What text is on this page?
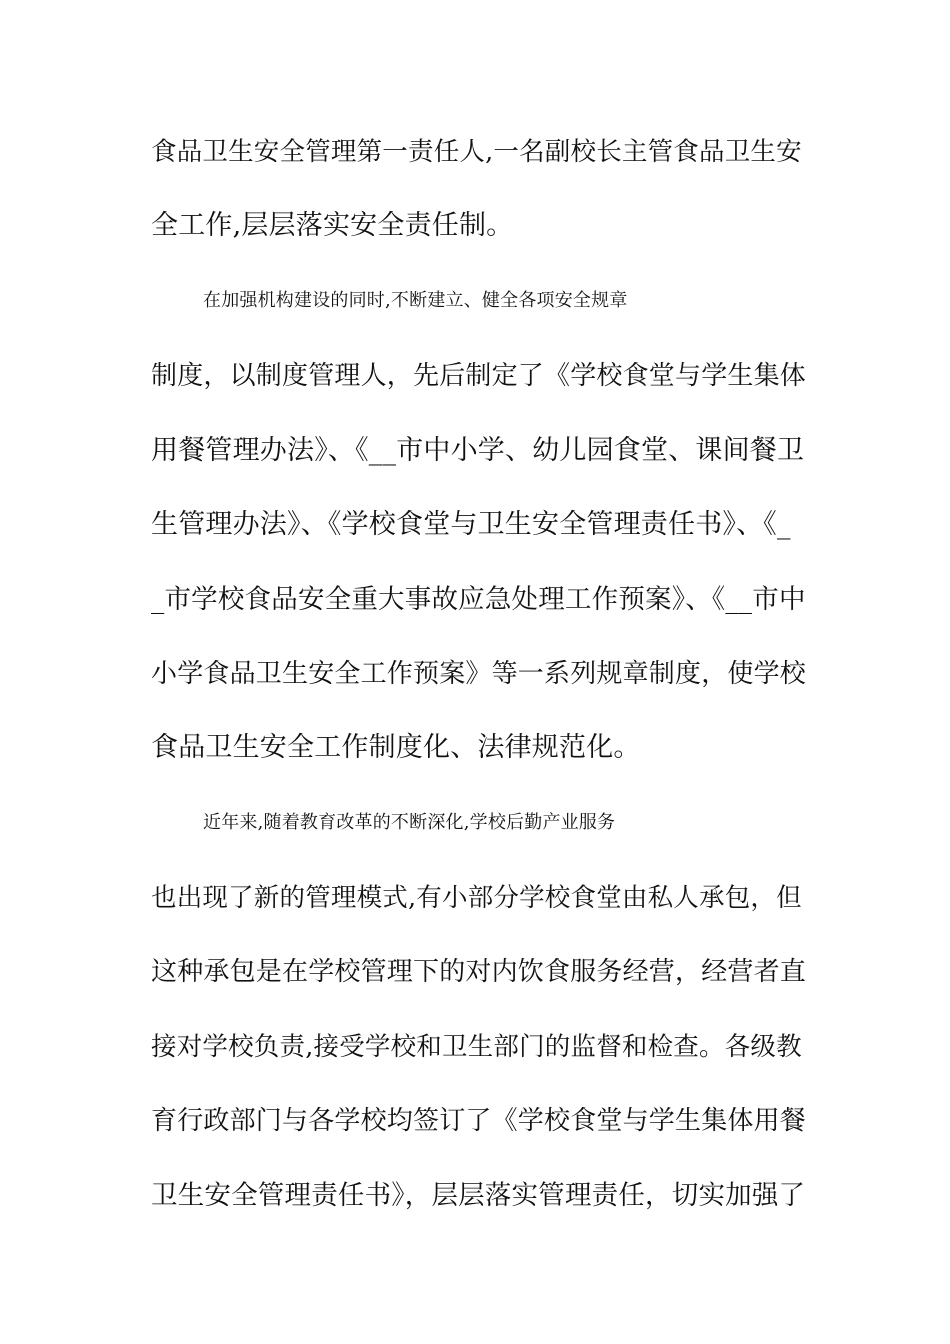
食品卫生安全管理第一责任人,一名副校长主管食品卫生安
全工作,层层落实安全责任制。
在加强机构建设的同时,不断建立、健全各项安全规章
制度，以制度管理人，先后制定了《学校食堂与学生集体
用餐管理办法》、《__市中小学、幼儿园食堂、课间餐卫
生管理办法》、《学校食堂与卫生安全管理责任书》、《_
_市学校食品安全重大事故应急处理工作预案》、《__市中
小学食品卫生安全工作预案》等一系列规章制度，使学校
食品卫生安全工作制度化、法律规范化。
近年来,随着教育改革的不断深化,学校后勤产业服务
也出现了新的管理模式,有小部分学校食堂由私人承包，但
这种承包是在学校管理下的对内饮食服务经营，经营者直
接对学校负责,接受学校和卫生部门的监督和检查。各级教
育行政部门与各学校均签订了《学校食堂与学生集体用餐
卫生安全管理责任书》，层层落实管理责任，切实加强了
